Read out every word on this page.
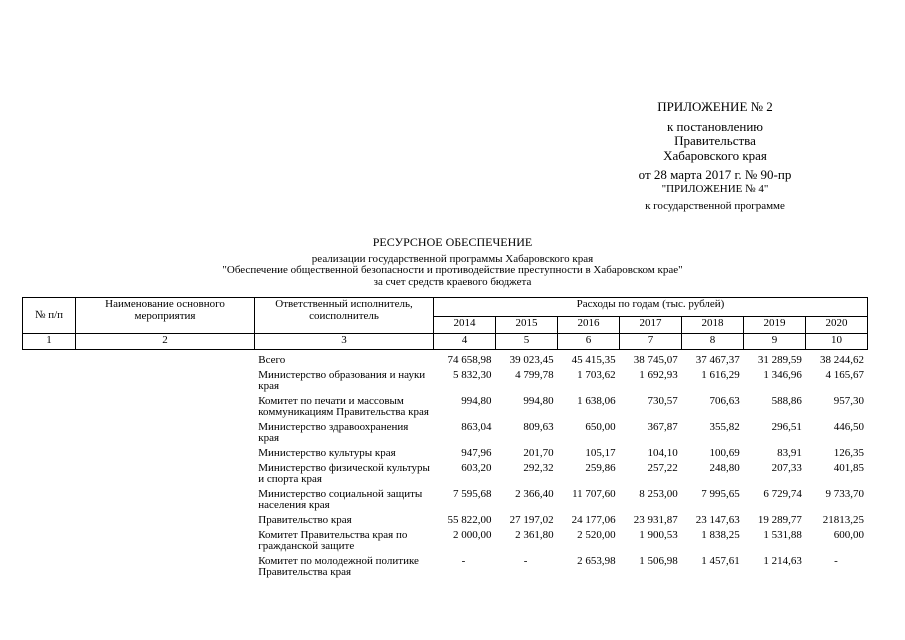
ПРИЛОЖЕНИЕ № 2
к постановлению
Правительства
Хабаровского края
от 28 марта 2017 г. № 90-пр
"ПРИЛОЖЕНИЕ № 4"
к государственной программе
РЕСУРСНОЕ ОБЕСПЕЧЕНИЕ
реализации государственной программы Хабаровского края
"Обеспечение общественной безопасности и противодействие преступности в Хабаровском крае"
за счет средств краевого бюджета
№ п/п	Наименование основного мероприятия	Ответственный исполнитель, соисполнитель	Расходы по годам (тыс. рублей)						
			2014	2015	2016	2017	2018	2019	2020
1	2	3	4	5	6	7	8	9	10
		Всего	74 658,98	39 023,45	45 415,35	38 745,07	37 467,37	31 289,59	38 244,62
		Министерство образования и науки края	5 832,30	4 799,78	1 703,62	1 692,93	1 616,29	1 346,96	4 165,67
		Комитет по печати и массовым коммуникациям Правительства края	994,80	994,80	1 638,06	730,57	706,63	588,86	957,30
		Министерство здравоохранения края	863,04	809,63	650,00	367,87	355,82	296,51	446,50
		Министерство культуры края	947,96	201,70	105,17	104,10	100,69	83,91	126,35
		Министерство физической культуры и спорта края	603,20	292,32	259,86	257,22	248,80	207,33	401,85
		Министерство социальной защиты населения края	7 595,68	2 366,40	11 707,60	8 253,00	7 995,65	6 729,74	9 733,70
		Правительство края	55 822,00	27 197,02	24 177,06	23 931,87	23 147,63	19 289,77	21813,25
		Комитет Правительства края по гражданской защите	2 000,00	2 361,80	2 520,00	1 900,53	1 838,25	1 531,88	600,00
		Комитет по молодежной политике Правительства края	-	-	2 653,98	1 506,98	1 457,61	1 214,63	-
